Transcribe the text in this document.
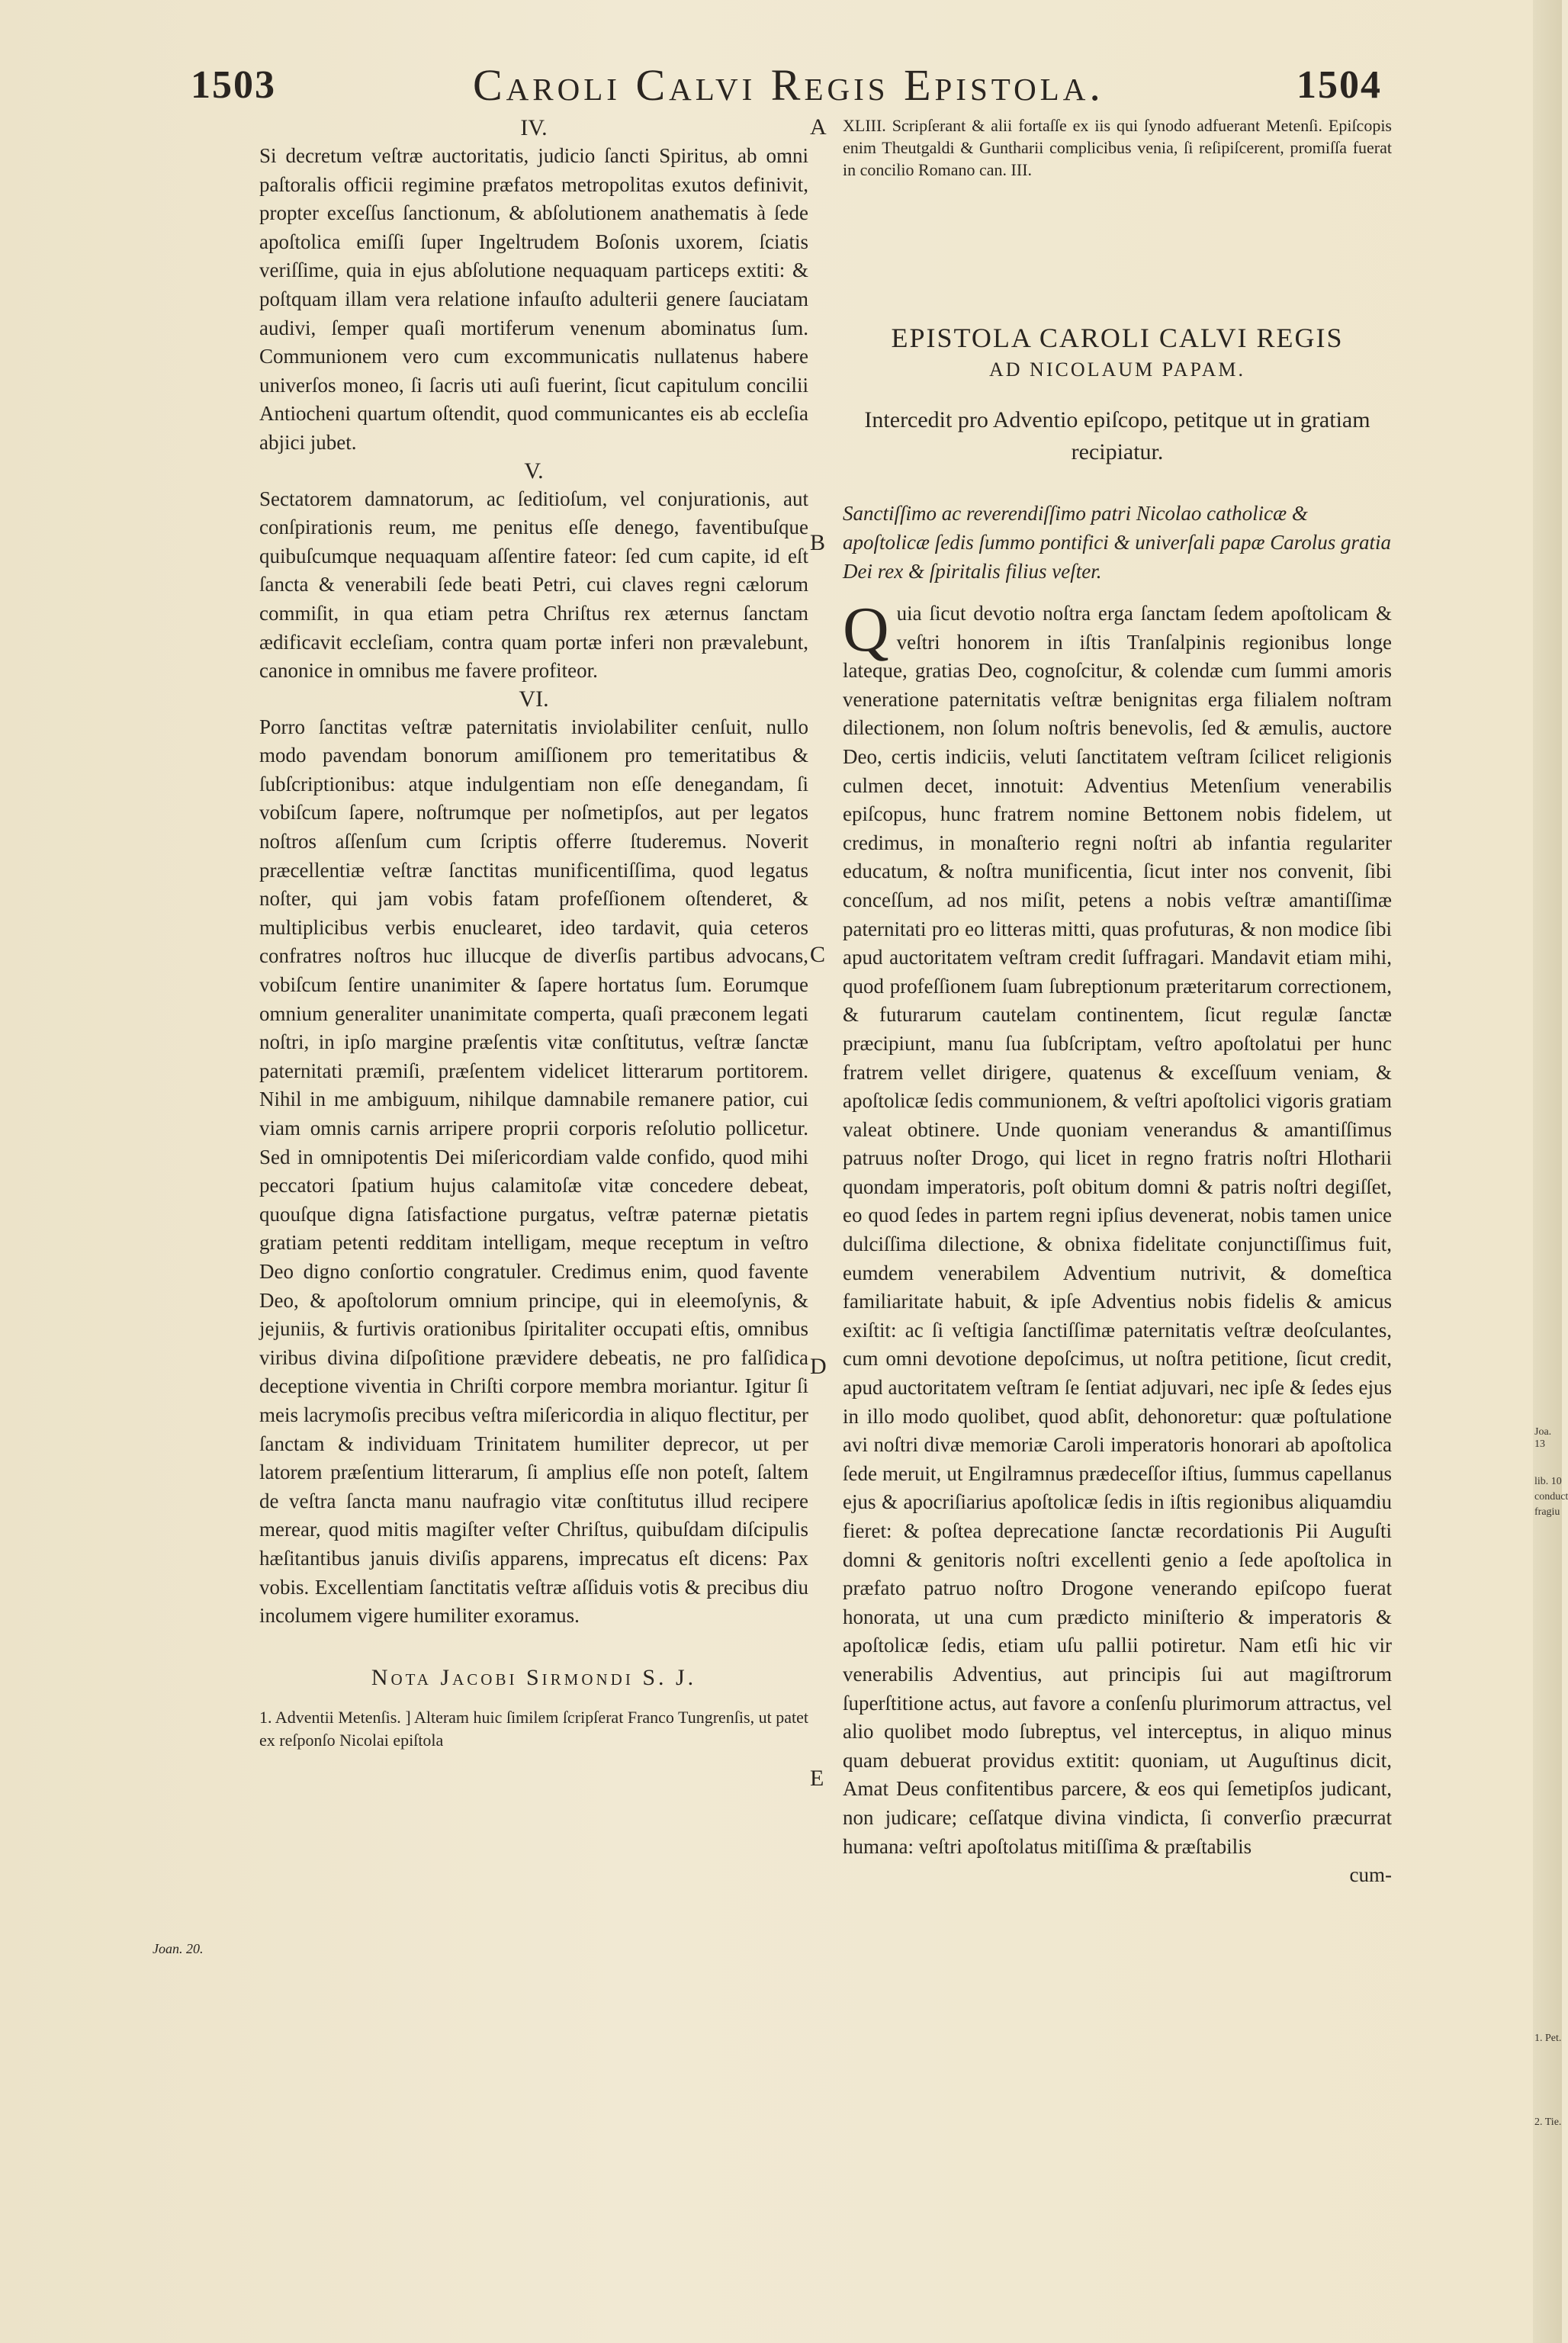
1503	Caroli Calvi Regis Epistola.	1504

IV.

Si decretum veſtræ auctoritatis, judicio ſancti Spiritus, ab omni paſtoralis officii regimine præfatos metropolitas exutos definivit, propter exceſſus ſanctionum, & abſolutionem anathematis à ſede apoſtolica emiſſi ſuper Ingeltrudem Boſonis uxorem, ſciatis veriſſime, quia in ejus abſolutione nequaquam particeps extiti: & poſtquam illam vera relatione infauſto adulterii genere ſauciatam audivi, ſemper quaſi mortiferum venenum abominatus ſum. Communionem vero cum excommunicatis nullatenus habere univerſos moneo, ſi ſacris uti auſi fuerint, ſicut capitulum concilii Antiocheni quartum oſtendit, quod communicantes eis ab eccleſia abjici jubet.

V.

Sectatorem damnatorum, ac ſeditioſum, vel conjurationis, aut conſpirationis reum, me penitus eſſe denego, faventibuſque quibuſcumque nequaquam aſſentire fateor: ſed cum capite, id eſt ſancta & venerabili ſede beati Petri, cui claves regni cælorum commiſit, in qua etiam petra Chriſtus rex æternus ſanctam ædificavit eccleſiam, contra quam portæ inferi non prævalebunt, canonice in omnibus me favere profiteor.

VI.

Porro ſanctitas veſtræ paternitatis inviolabiliter cenſuit, nullo modo pavendam bonorum amiſſionem pro temeritatibus & ſubſcriptionibus: atque indulgentiam non eſſe denegandam, ſi vobiſcum ſapere, noſtrumque per noſmetipſos, aut per legatos noſtros aſſenſum cum ſcriptis offerre ſtuderemus. Noverit præcellentiæ veſtræ ſanctitas munificentiſſima, quod legatus noſter, qui jam vobis fatam profeſſionem oſtenderet, & multiplicibus verbis enuclearet, ideo tardavit, quia ceteros confratres noſtros huc illucque de diverſis partibus advocans, vobiſcum ſentire unanimiter & ſapere hortatus ſum. Eorumque omnium generaliter unanimitate comperta, quaſi præconem legati noſtri, in ipſo margine præſentis vitæ conſtitutus, veſtræ ſanctæ paternitati præmiſi, præſentem videlicet litterarum portitorem. Nihil in me ambiguum, nihilque damnabile remanere patior, cui viam omnis carnis arripere proprii corporis reſolutio pollicetur. Sed in omnipotentis Dei miſericordiam valde confido, quod mihi peccatori ſpatium hujus calamitoſæ vitæ concedere debeat, quouſque digna ſatisfactione purgatus, veſtræ paternæ pietatis gratiam petenti redditam intelligam, meque receptum in veſtro Deo digno conſortio congratuler. Credimus enim, quod favente Deo, & apoſtolorum omnium principe, qui in eleemoſynis, & jejuniis, & furtivis orationibus ſpiritaliter occupati eſtis, omnibus viribus divina diſpoſitione prævidere debeatis, ne pro falſidica deceptione viventia in Chriſti corpore membra moriantur. Igitur ſi meis lacrymoſis precibus veſtra miſericordia in aliquo flectitur, per ſanctam & individuam Trinitatem humiliter deprecor, ut per latorem præſentium litterarum, ſi amplius eſſe non poteſt, ſaltem de veſtra ſancta manu naufragio vitæ conſtitutus illud recipere merear, quod mitis magiſter veſter Chriſtus, quibuſdam diſcipulis hæſitantibus januis diviſis apparens, imprecatus eſt dicens: Pax vobis. Excellentiam ſanctitatis veſtræ aſſiduis votis & precibus diu incolumem vigere humiliter exoramus.

Nota Jacobi Sirmondi S. J.

1. Adventii Metenſis. ] Alteram huic ſimilem ſcripſerat Franco Tungrenſis, ut patet ex reſponſo Nicolai epiſtola

XLIII. Scripſerant & alii fortaſſe ex iis qui ſynodo adfuerant Metenſi. Epiſcopis enim Theutgaldi & Guntharii complicibus venia, ſi reſipiſcerent, promiſſa fuerat in concilio Romano can. III.

EPISTOLA CAROLI CALVI REGIS

AD NICOLAUM PAPAM.

Intercedit pro Adventio epiſcopo, petitque ut in gratiam recipiatur.

Sanctiſſimo ac reverendiſſimo patri Nicolao catholicæ & apoſtolicæ ſedis ſummo pontifici & univerſali papæ Carolus gratia Dei rex & ſpiritalis filius veſter.

Q uia ſicut devotio noſtra erga ſanctam ſedem apoſtolicam & veſtri honorem in iſtis Tranſalpinis regionibus longe lateque, gratias Deo, cognoſcitur, & colendæ cum ſummi amoris veneratione paternitatis veſtræ benignitas erga filialem noſtram dilectionem, non ſolum noſtris benevolis, ſed & æmulis, auctore Deo, certis indiciis, veluti ſanctitatem veſtram ſcilicet religionis culmen decet, innotuit: Adventius Metenſium venerabilis epiſcopus, hunc fratrem nomine Bettonem nobis fidelem, ut credimus, in monaſterio regni noſtri ab infantia regulariter educatum, & noſtra munificentia, ſicut inter nos convenit, ſibi conceſſum, ad nos miſit, petens a nobis veſtræ amantiſſimæ paternitati pro eo litteras mitti, quas profuturas, & non modice ſibi apud auctoritatem veſtram credit ſuffragari. Mandavit etiam mihi, quod profeſſionem ſuam ſubreptionum præteritarum correctionem, & futurarum cautelam continentem, ſicut regulæ ſanctæ præcipiunt, manu ſua ſubſcriptam, veſtro apoſtolatui per hunc fratrem vellet dirigere, quatenus & exceſſuum veniam, & apoſtolicæ ſedis communionem, & veſtri apoſtolici vigoris gratiam valeat obtinere. Unde quoniam venerandus & amantiſſimus patruus noſter Drogo, qui licet in regno fratris noſtri Hlotharii quondam imperatoris, poſt obitum domni & patris noſtri degiſſet, eo quod ſedes in partem regni ipſius devenerat, nobis tamen unice dulciſſima dilectione, & obnixa fidelitate conjunctiſſimus fuit, eumdem venerabilem Adventium nutrivit, & domeſtica familiaritate habuit, & ipſe Adventius nobis fidelis & amicus exiſtit: ac ſi veſtigia ſanctiſſimæ paternitatis veſtræ deoſculantes, cum omni devotione depoſcimus, ut noſtra petitione, ſicut credit, apud auctoritatem veſtram ſe ſentiat adjuvari, nec ipſe & ſedes ejus in illo modo quolibet, quod abſit, dehonoretur: quæ poſtulatione avi noſtri divæ memoriæ Caroli imperatoris honorari ab apoſtolica ſede meruit, ut Engilramnus prædeceſſor iſtius, ſummus capellanus ejus & apocriſiarius apoſtolicæ ſedis in iſtis regionibus aliquamdiu fieret: & poſtea deprecatione ſanctæ recordationis Pii Auguſti domni & genitoris noſtri excellenti genio a ſede apoſtolica in præfato patruo noſtro Drogone venerando epiſcopo fuerat honorata, ut una cum prædicto miniſterio & imperatoris & apoſtolicæ ſedis, etiam uſu pallii potiretur. Nam etſi hic vir venerabilis Adventius, aut principis ſui aut magiſtrorum ſuperſtitione actus, aut favore a conſenſu plurimorum attractus, vel alio quolibet modo ſubreptus, vel interceptus, in aliquo minus quam debuerat providus extitit: quoniam, ut Auguſtinus dicit, Amat Deus confitentibus parcere, & eos qui ſemetipſos judicant, non judicare; ceſſatque divina vindicta, ſi converſio præcurrat humana: veſtri apoſtolatus mitiſſima & præſtabilis

cum-

A
B
C
D
E
Joan. 20.
Joa. 13
lib. 10
conduct
fragiu
1. Pet.
2. Tie.
